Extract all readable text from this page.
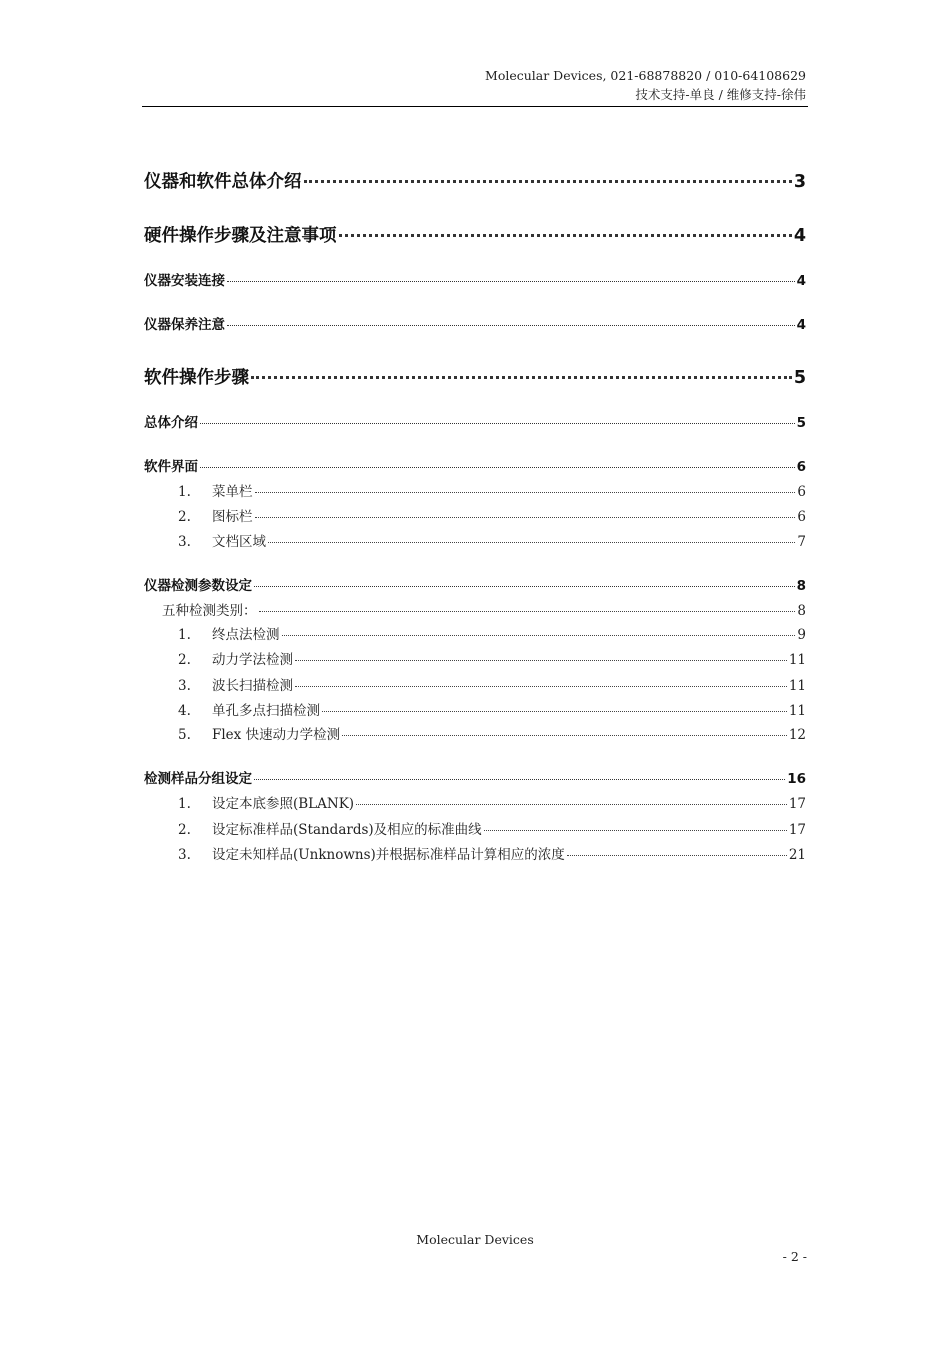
Molecular Devices, 021-68878820 / 010-64108629
技术支持-单良 / 维修支持-徐伟
仪器和软件总体介绍	3
硬件操作步骤及注意事项	4
仪器安装连接	4
仪器保养注意	4
软件操作步骤	5
总体介绍	5
软件界面	6
1.	菜单栏	6
2.	图标栏	6
3.	文档区域	7
仪器检测参数设定	8
五种检测类别：	8
1.	终点法检测	9
2.	动力学法检测	11
3.	波长扫描检测	11
4.	单孔多点扫描检测	11
5.	Flex 快速动力学检测	12
检测样品分组设定	16
1.	设定本底参照(BLANK)	17
2.	设定标准样品(Standards)及相应的标准曲线	17
3.	设定未知样品(Unknowns)并根据标准样品计算相应的浓度	21
Molecular Devices
- 2 -
